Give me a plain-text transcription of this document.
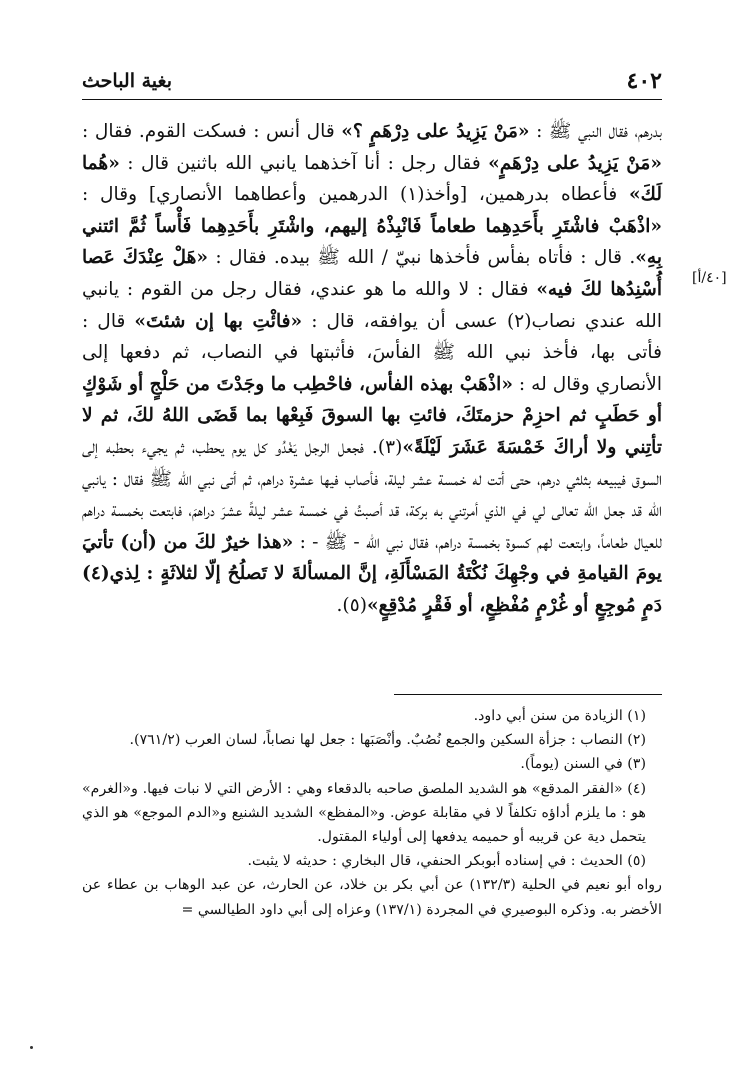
٤٠٢
بغية الباحث
[٤٠/أ]

بدرهم، فقال النبي ﷺ : «مَنْ يَزِيدُ على دِرْهَمٍ ؟» قال أنس : فسكت القوم. فقال : «مَنْ يَزِيدُ على دِرْهَمٍ» فقال رجل : أنا آخذهما يانبي الله باثنين قال : «هُما لَكَ» فأعطاه بدرهمين، [وأخذ(١) الدرهمين وأعطاهما الأنصاري] وقال : «اذْهَبْ فاشْتَرِ بأَحَدِهِما طعاماً فَانْبِذْهُ إليهم، واشْتَرِ بأَحَدِهِما فَأْساً ثُمَّ ائتني بِهِ». قال : فأتاه بفأس فأخذها نبيّ / الله ﷺ بيده. فقال : «هَلْ عِنْدَكَ عَصا أُسْنِدُها لكَ فيه» فقال : لا والله ما هو عندي، فقال رجل من القوم : يانبي الله عندي نصاب(٢) عسى أن يوافقه، قال : «فائْتِ بها إن شئتَ» قال : فأتى بها، فأخذ نبي الله ﷺ الفأسَ، فأثبتها في النصاب، ثم دفعها إلى الأنصاري وقال له : «اذْهَبْ بهذه الفأس، فاحْطِب ما وجَدْتَ من حَلْجٍ أو شَوْكٍ أو حَطَبٍ ثم احزِمْ حزمتَكَ، فائتِ بها السوقَ فَبِعْها بما قَضَى اللهُ لكَ، ثم لا تأتِني ولا أراكَ خَمْسَةَ عَشَرَ لَيْلَةً»(٣). فجعل الرجل يَغْدُو كل يوم يحطب، ثم يجيء بحطبه إلى السوق فيبيعه بثلثي درهم، حتى أتت له خمسة عشر ليلة، فأصاب فيها عشرة دراهم، ثم أتى نبي الله ﷺ فقال : يانبي الله قد جعل الله تعالى لي في الذي أمرتني به بركة، قد أصبتُ في خمسة عشر ليلةً عشرَ دراهمَ، فابتعت بخمسة دراهم للعيال طعاماً، وابتعت لهم كسوة بخمسة دراهم، فقال نبي الله - ﷺ - : «هذا خيرٌ لكَ من (أن) تأتيَ يومَ القيامةِ في وجْهِكَ نُكْتَةُ المَسْأَلَةِ، إنَّ المسألةَ لا تَصلُحُ إلّا لثلاثَةٍ : لِذي(٤) دَمٍ مُوجِعٍ أو غُرْمٍ مُفْظِعٍ، أو فَقْرٍ مُدْقِعٍ»(٥).

(١) الزيادة من سنن أبي داود.

(٢) النصاب : جزأة السكين والجمع نُصُبٌ. وأنْصَبَها : جعل لها نصاباً، لسان العرب (٧٦١/٢).

(٣) في السنن (يوماً).

(٤) «الفقر المدقع» هو الشديد الملصق صاحبه بالدقعاء وهي : الأرض التي لا نبات فيها. و«الغرم» هو : ما يلزم أداؤه تكلفاً لا في مقابلة عوض. و«المفظع» الشديد الشنيع و«الدم الموجع» هو الذي يتحمل دية عن قريبه أو حميمه يدفعها إلى أولياء المقتول.

(٥) الحديث : في إسناده أبوبكر الحنفي، قال البخاري : حديثه لا يثبت.

رواه أبو نعيم في الحلية (١٣٢/٣) عن أبي بكر بن خلاد، عن الحارث، عن عبد الوهاب بن عطاء عن الأخضر به. وذكره البوصيري في المجردة (١٣٧/١) وعزاه إلى أبي داود الطيالسي =
